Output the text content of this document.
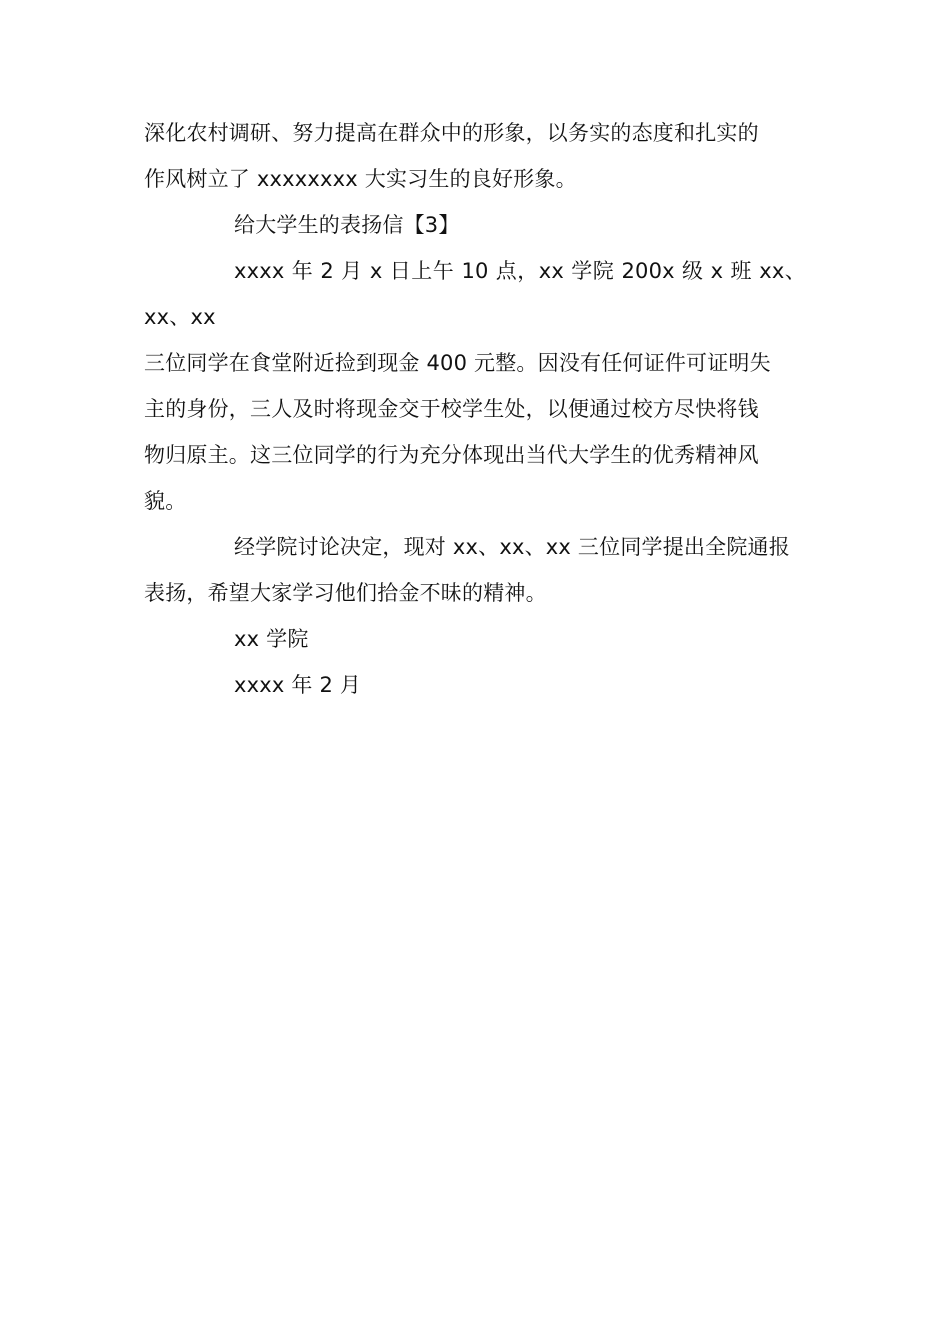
深化农村调研、努力提高在群众中的形象，以务实的态度和扎实的
作风树立了 xxxxxxxx 大实习生的良好形象。
给大学生的表扬信【3】
xxxx 年 2 月 x 日上午 10 点，xx 学院 200x 级 x 班 xx、xx、xx
三位同学在食堂附近捡到现金 400 元整。因没有任何证件可证明失
主的身份，三人及时将现金交于校学生处，以便通过校方尽快将钱
物归原主。这三位同学的行为充分体现出当代大学生的优秀精神风
貌。
经学院讨论决定，现对 xx、xx、xx 三位同学提出全院通报
表扬，希望大家学习他们拾金不昧的精神。
xx 学院
xxxx 年 2 月
